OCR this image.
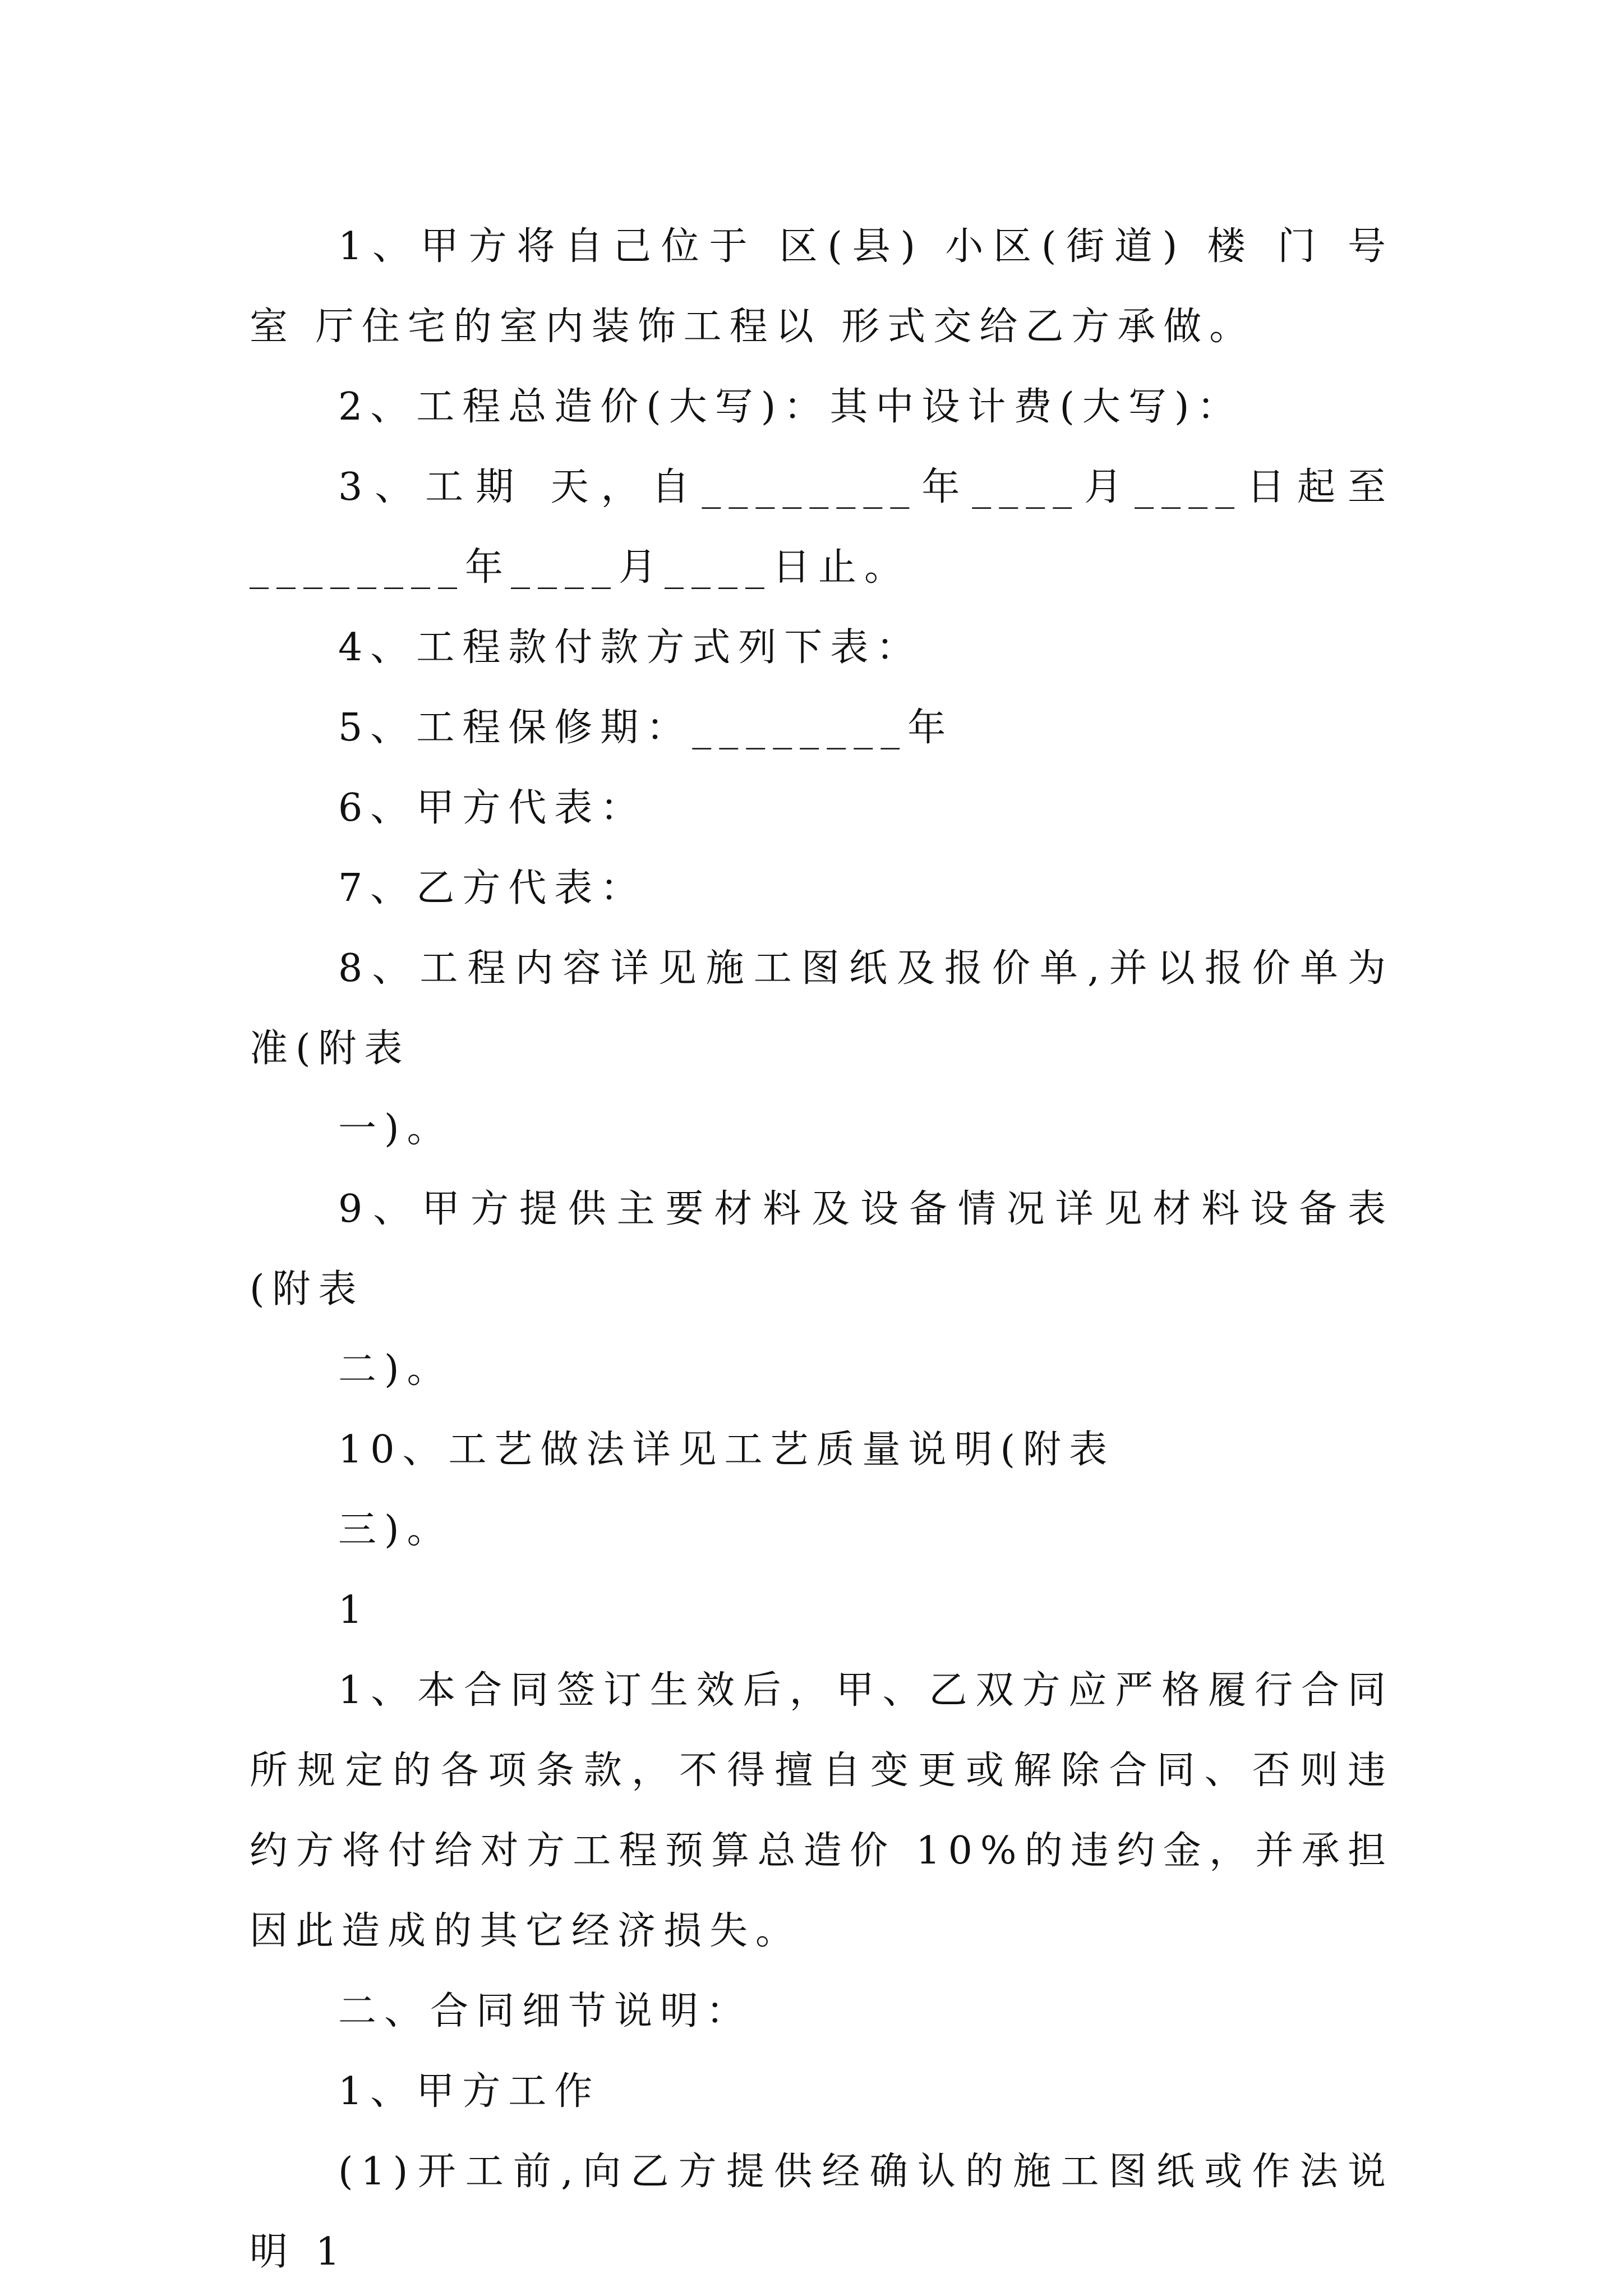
1、甲方将自己位于 区(县) 小区(街道) 楼 门 号 室 厅住宅的室内装饰工程以 形式交给乙方承做。

2、工程总造价(大写)：其中设计费(大写)：

3、工期 天，自________年____月____日起至________年____月____日止。

4、工程款付款方式列下表：

5、工程保修期：________年

6、甲方代表：

7、乙方代表：

8、工程内容详见施工图纸及报价单,并以报价单为准(附表

一)。

9、甲方提供主要材料及设备情况详见材料设备表(附表

二)。

10、工艺做法详见工艺质量说明(附表

三)。

1

1、本合同签订生效后，甲、乙双方应严格履行合同所规定的各项条款，不得擅自变更或解除合同、否则违约方将付给对方工程预算总造价 10%的违约金，并承担因此造成的其它经济损失。

二、合同细节说明：

1、甲方工作

(1)开工前,向乙方提供经确认的施工图纸或作法说明 1
